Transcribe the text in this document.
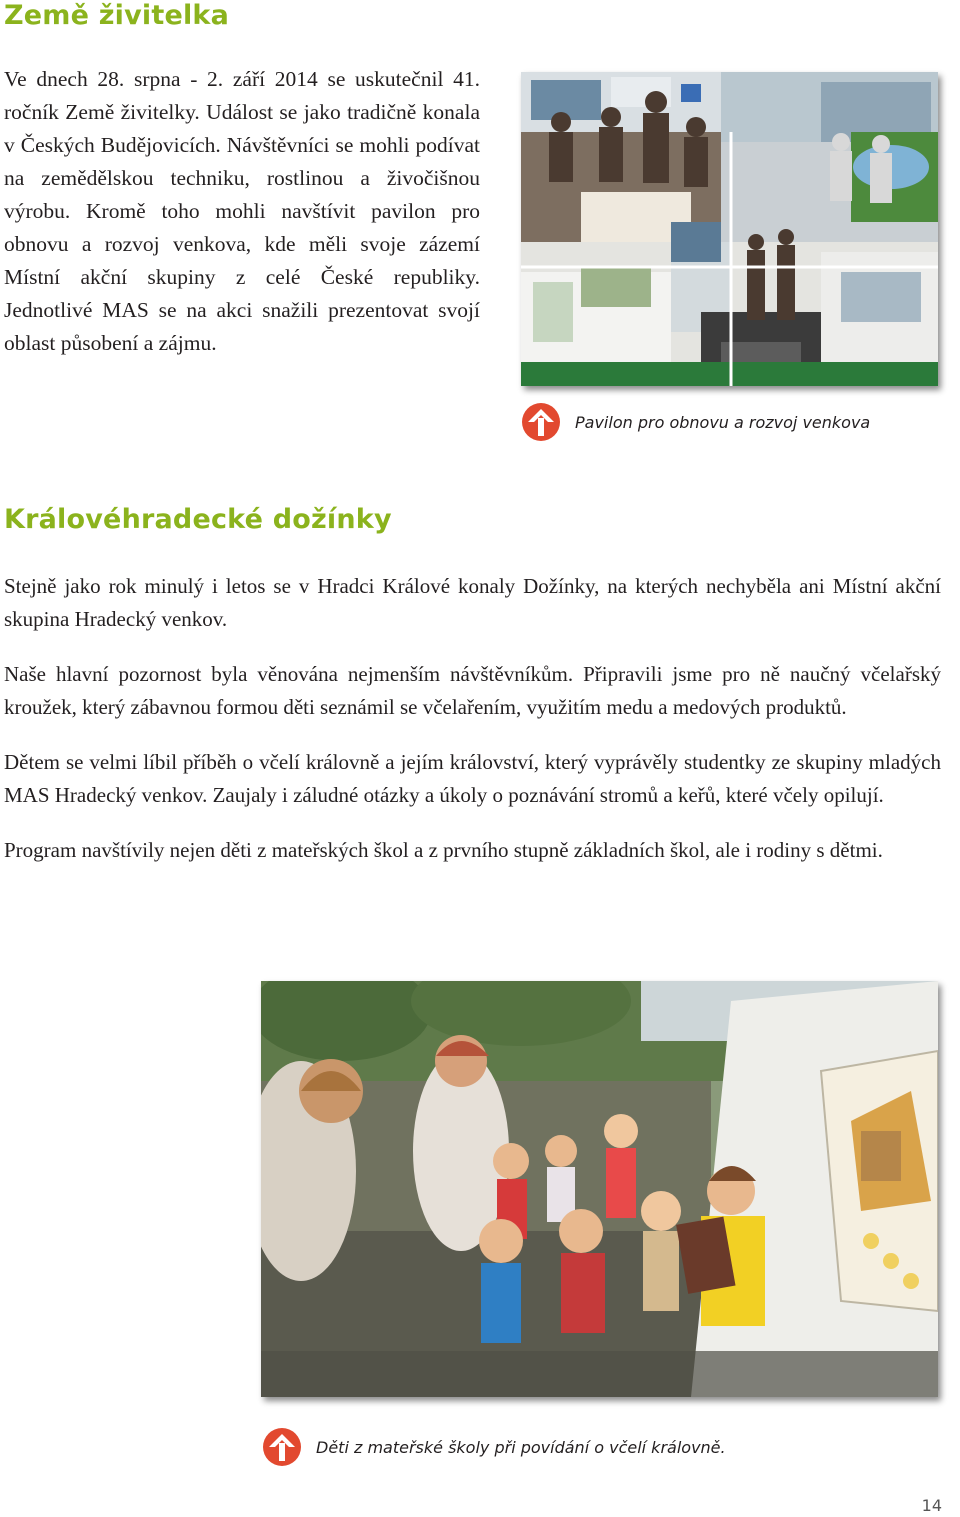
Země živitelka

Ve dnech 28. srpna - 2. září 2014 se uskutečnil 41. ročník Země živitelky. Událost se jako tradičně konala v Českých Budějovicích. Návštěvníci se mohli podívat na zemědělskou techniku, rostlinou a živočišnou výrobu. Kromě toho mohli navštívit pavilon pro obnovu a rozvoj venkova, kde měli svoje zázemí Místní akční skupiny z celé České republiky. Jednotlivé MAS se na akci snažili prezentovat svojí oblast působení a zájmu.

Pavilon pro obnovu a rozvoj venkova
Královéhradecké dožínky

Stejně jako rok minulý i letos se v Hradci Králové konaly Dožínky, na kterých nechyběla ani Místní akční skupina Hradecký venkov.

Naše hlavní pozornost byla věnována nejmenším návštěvníkům. Připravili jsme pro ně naučný včelařský kroužek, který zábavnou formou děti seznámil se včelařením, využitím medu a medových produktů.

Dětem se velmi líbil příběh o včelí královně a jejím království, který vyprávěly studentky ze skupiny mladých MAS Hradecký venkov. Zaujaly i záludné otázky a úkoly o poznávání stromů a keřů, které včely opilují.

Program navštívily nejen děti z mateřských škol a z prvního stupně základních škol, ale i rodiny s dětmi.

Děti z mateřské školy při povídání o včelí královně.
14
